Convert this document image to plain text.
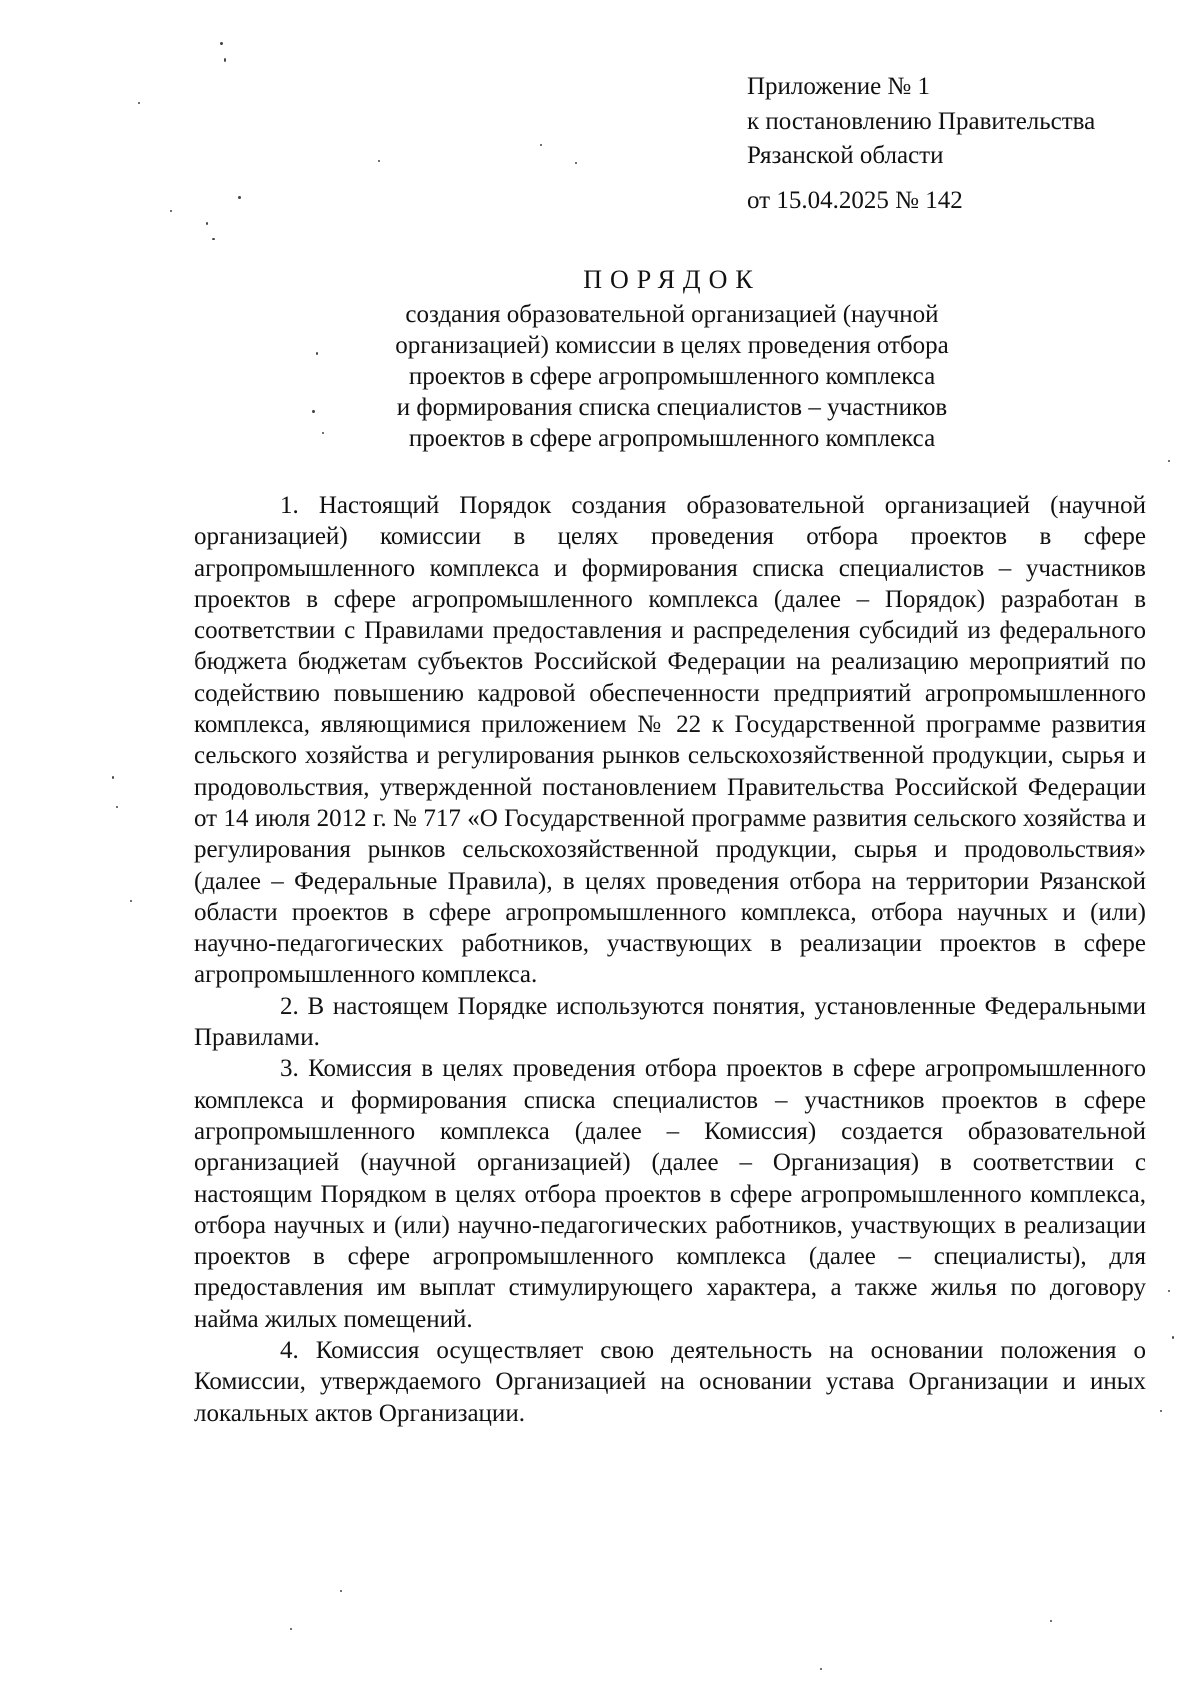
Приложение № 1
к постановлению Правительства
Рязанской области
от 15.04.2025 № 142
ПОРЯДОК
создания образовательной организацией (научной
организацией) комиссии в целях проведения отбора
проектов в сфере агропромышленного комплекса
и формирования списка специалистов – участников
проектов в сфере агропромышленного комплекса

1. Настоящий Порядок создания образовательной организацией (научной организацией) комиссии в целях проведения отбора проектов в сфере агропромышленного комплекса и формирования списка специалистов – участников проектов в сфере агропромышленного комплекса (далее – Порядок) разработан в соответствии с Правилами предоставления и распределения субсидий из федерального бюджета бюджетам субъектов Российской Федерации на реализацию мероприятий по содействию повышению кадровой обеспеченности предприятий агропромышленного комплекса, являющимися приложением № 22 к Государственной программе развития сельского хозяйства и регулирования рынков сельскохозяйственной продукции, сырья и продовольствия, утвержденной постановлением Правительства Российской Федерации от 14 июля 2012 г. № 717 «О Государственной программе развития сельского хозяйства и регулирования рынков сельскохозяйственной продукции, сырья и продовольствия» (далее – Федеральные Правила), в целях проведения отбора на территории Рязанской области проектов в сфере агропромышленного комплекса, отбора научных и (или) научно-педагогических работников, участвующих в реализации проектов в сфере агропромышленного комплекса.

2. В настоящем Порядке используются понятия, установленные Федеральными Правилами.

3. Комиссия в целях проведения отбора проектов в сфере агропромышленного комплекса и формирования списка специалистов – участников проектов в сфере агропромышленного комплекса (далее – Комиссия) создается образовательной организацией (научной организацией) (далее – Организация) в соответствии с настоящим Порядком в целях отбора проектов в сфере агропромышленного комплекса, отбора научных и (или) научно-педагогических работников, участвующих в реализации проектов в сфере агропромышленного комплекса (далее – специалисты), для предоставления им выплат стимулирующего характера, а также жилья по договору найма жилых помещений.

4. Комиссия осуществляет свою деятельность на основании положения о Комиссии, утверждаемого Организацией на основании устава Организации и иных локальных актов Организации.
